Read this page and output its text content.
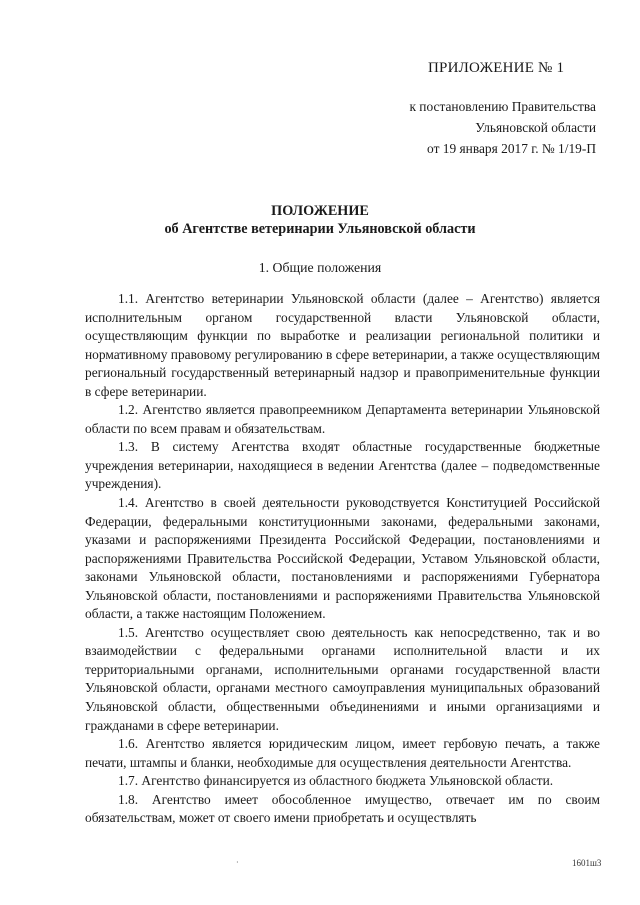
ПРИЛОЖЕНИЕ № 1
к постановлению Правительства
Ульяновской области
от 19 января 2017 г. № 1/19-П
ПОЛОЖЕНИЕ
об Агентстве ветеринарии Ульяновской области
1. Общие положения

1.1. Агентство ветеринарии Ульяновской области (далее – Агентство) является исполнительным органом государственной власти Ульяновской области, осуществляющим функции по выработке и реализации региональной политики и нормативному правовому регулированию в сфере ветеринарии, а также осуществляющим региональный государственный ветеринарный надзор и правоприменительные функции в сфере ветеринарии.

1.2. Агентство является правопреемником Департамента ветеринарии Ульяновской области по всем правам и обязательствам.

1.3. В систему Агентства входят областные государственные бюджетные учреждения ветеринарии, находящиеся в ведении Агентства (далее – подведомственные учреждения).

1.4. Агентство в своей деятельности руководствуется Конституцией Российской Федерации, федеральными конституционными законами, федеральными законами, указами и распоряжениями Президента Российской Федерации, постановлениями и распоряжениями Правительства Российской Федерации, Уставом Ульяновской области, законами Ульяновской области, постановлениями и распоряжениями Губернатора Ульяновской области, постановлениями и распоряжениями Правительства Ульяновской области, а также настоящим Положением.

1.5. Агентство осуществляет свою деятельность как непосредственно, так и во взаимодействии с федеральными органами исполнительной власти и их территориальными органами, исполнительными органами государственной власти Ульяновской области, органами местного самоуправления муниципальных образований Ульяновской области, общественными объединениями и иными организациями и гражданами в сфере ветеринарии.

1.6. Агентство является юридическим лицом, имеет гербовую печать, а также печати, штампы и бланки, необходимые для осуществления деятельности Агентства.

1.7. Агентство финансируется из областного бюджета Ульяновской области.

1.8. Агентство имеет обособленное имущество, отвечает им по своим обязательствам, может от своего имени приобретать и осуществлять

·	1601ш3
